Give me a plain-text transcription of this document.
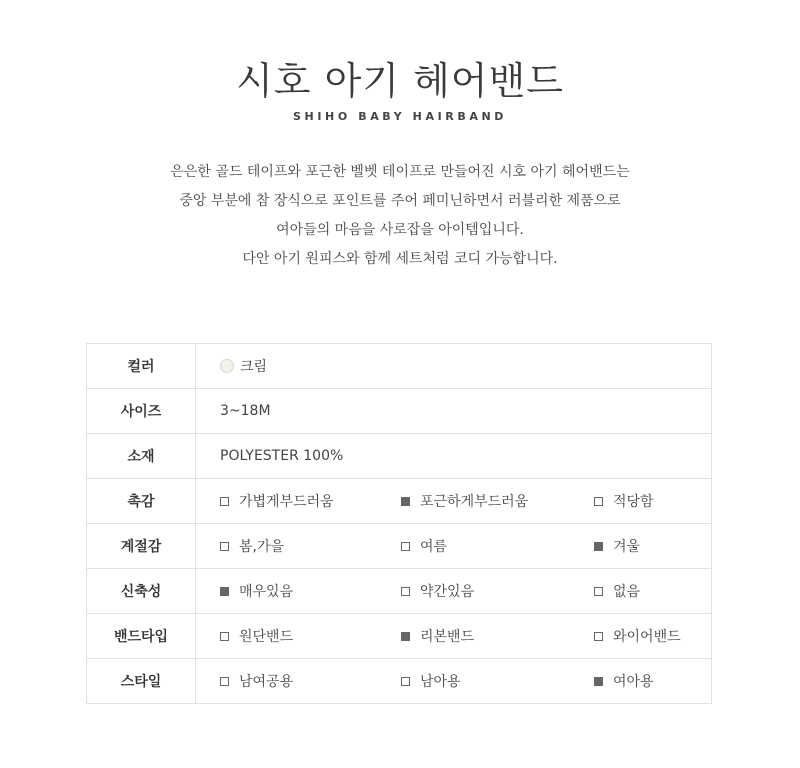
시호 아기 헤어밴드
SHIHO BABY HAIRBAND
은은한 골드 테이프와 포근한 벨벳 테이프로 만들어진 시호 아기 헤어밴드는
중앙 부분에 참 장식으로 포인트를 주어 페미닌하면서 러블리한 제품으로
여아들의 마음을 사로잡을 아이템입니다.
다안 아기 원피스와 함께 세트처럼 코디 가능합니다.
컬러	크림
사이즈	3~18M
소재	POLYESTER 100%
촉감	가볍게부드러움 포근하게부드러움 적당함

계절감	봄,가을 여름 겨울

신축성	매우있음 약간있음 없음

밴드타입	원단밴드 리본밴드 와이어밴드

스타일	남여공용 남아용 여아용
